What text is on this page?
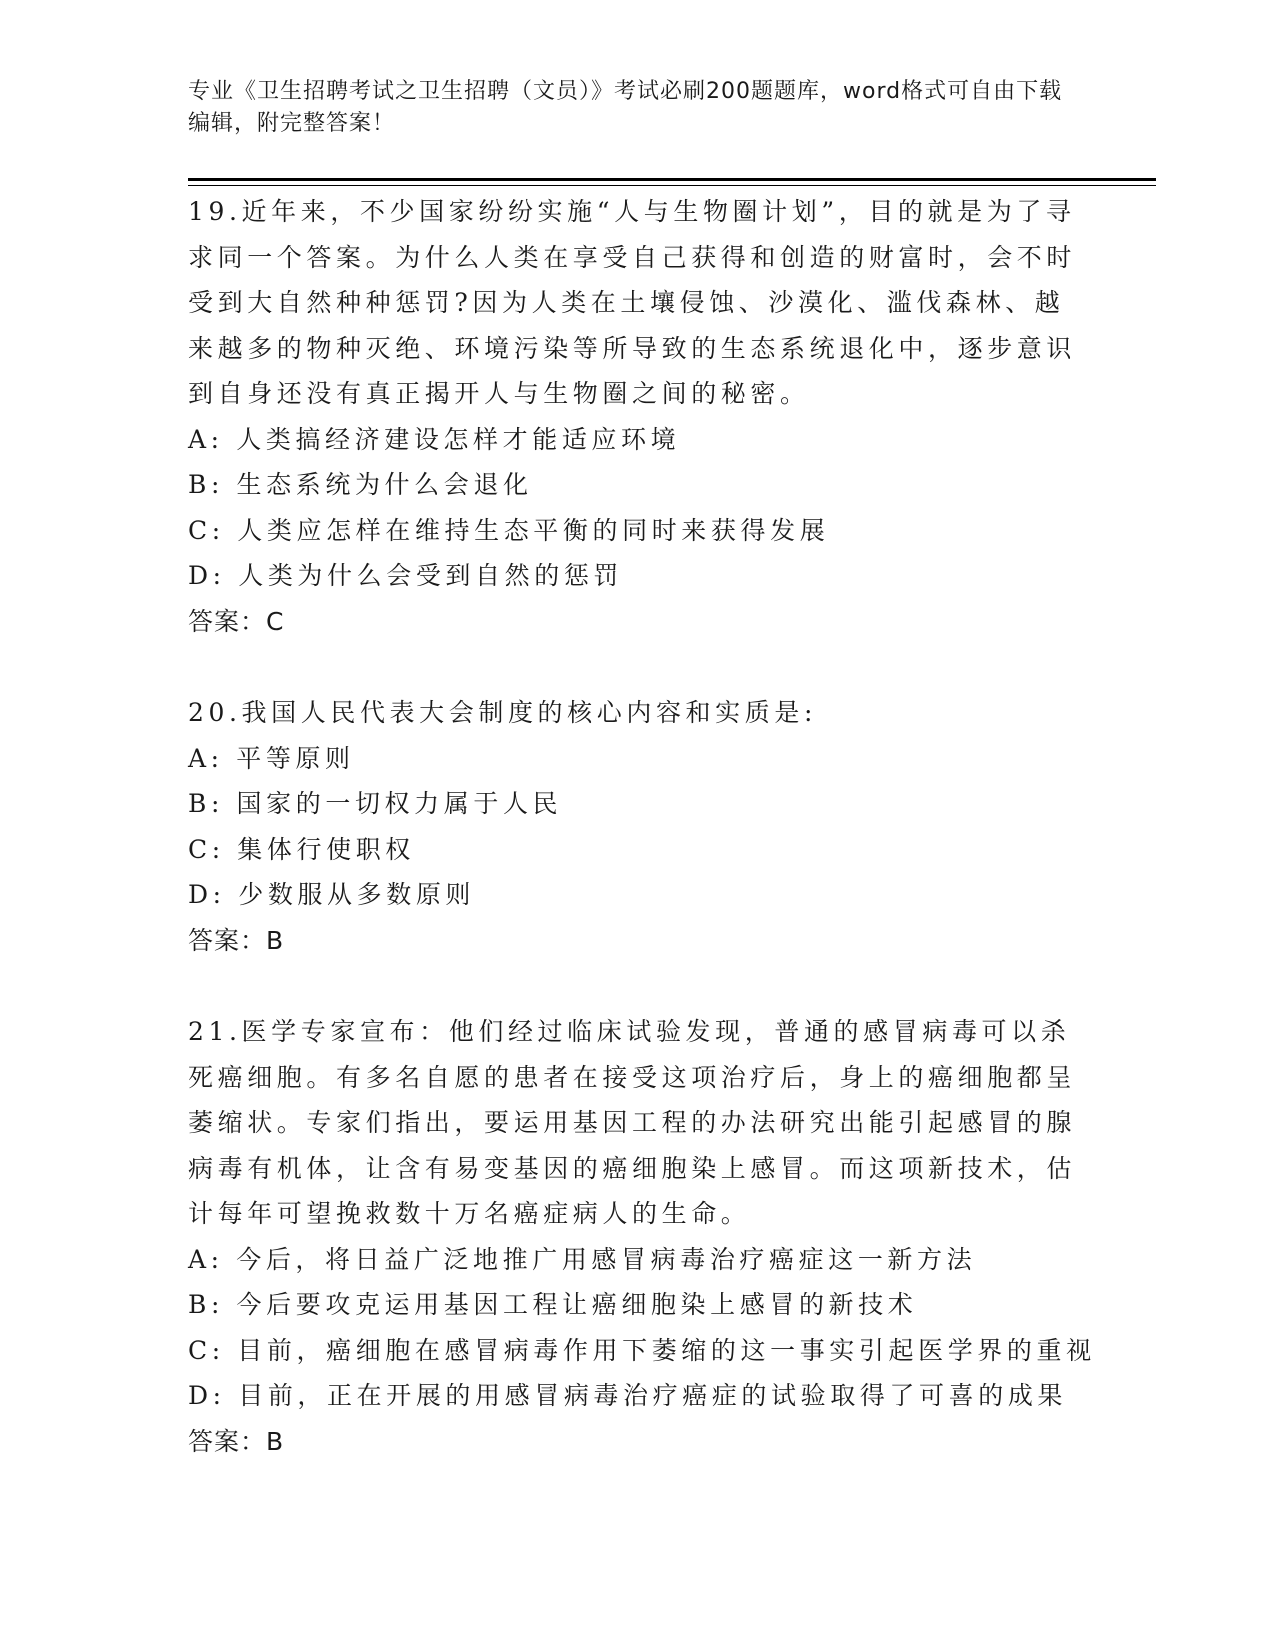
专业《卫生招聘考试之卫生招聘（文员）》考试必刷200题题库，word格式可自由下载编辑，附完整答案！

19.近年来，不少国家纷纷实施“人与生物圈计划”，目的就是为了寻求同一个答案。为什么人类在享受自己获得和创造的财富时，会不时受到大自然种种惩罚?因为人类在土壤侵蚀、沙漠化、滥伐森林、越来越多的物种灭绝、环境污染等所导致的生态系统退化中，逐步意识到自身还没有真正揭开人与生物圈之间的秘密。

A: 人类搞经济建设怎样才能适应环境

B: 生态系统为什么会退化

C: 人类应怎样在维持生态平衡的同时来获得发展

D: 人类为什么会受到自然的惩罚

答案：C

20.我国人民代表大会制度的核心内容和实质是:

A: 平等原则

B: 国家的一切权力属于人民

C: 集体行使职权

D: 少数服从多数原则

答案：B

21.医学专家宣布：他们经过临床试验发现，普通的感冒病毒可以杀死癌细胞。有多名自愿的患者在接受这项治疗后，身上的癌细胞都呈萎缩状。专家们指出，要运用基因工程的办法研究出能引起感冒的腺病毒有机体，让含有易变基因的癌细胞染上感冒。而这项新技术，估计每年可望挽救数十万名癌症病人的生命。

A: 今后，将日益广泛地推广用感冒病毒治疗癌症这一新方法

B: 今后要攻克运用基因工程让癌细胞染上感冒的新技术

C: 目前，癌细胞在感冒病毒作用下萎缩的这一事实引起医学界的重视

D: 目前，正在开展的用感冒病毒治疗癌症的试验取得了可喜的成果

答案：B
